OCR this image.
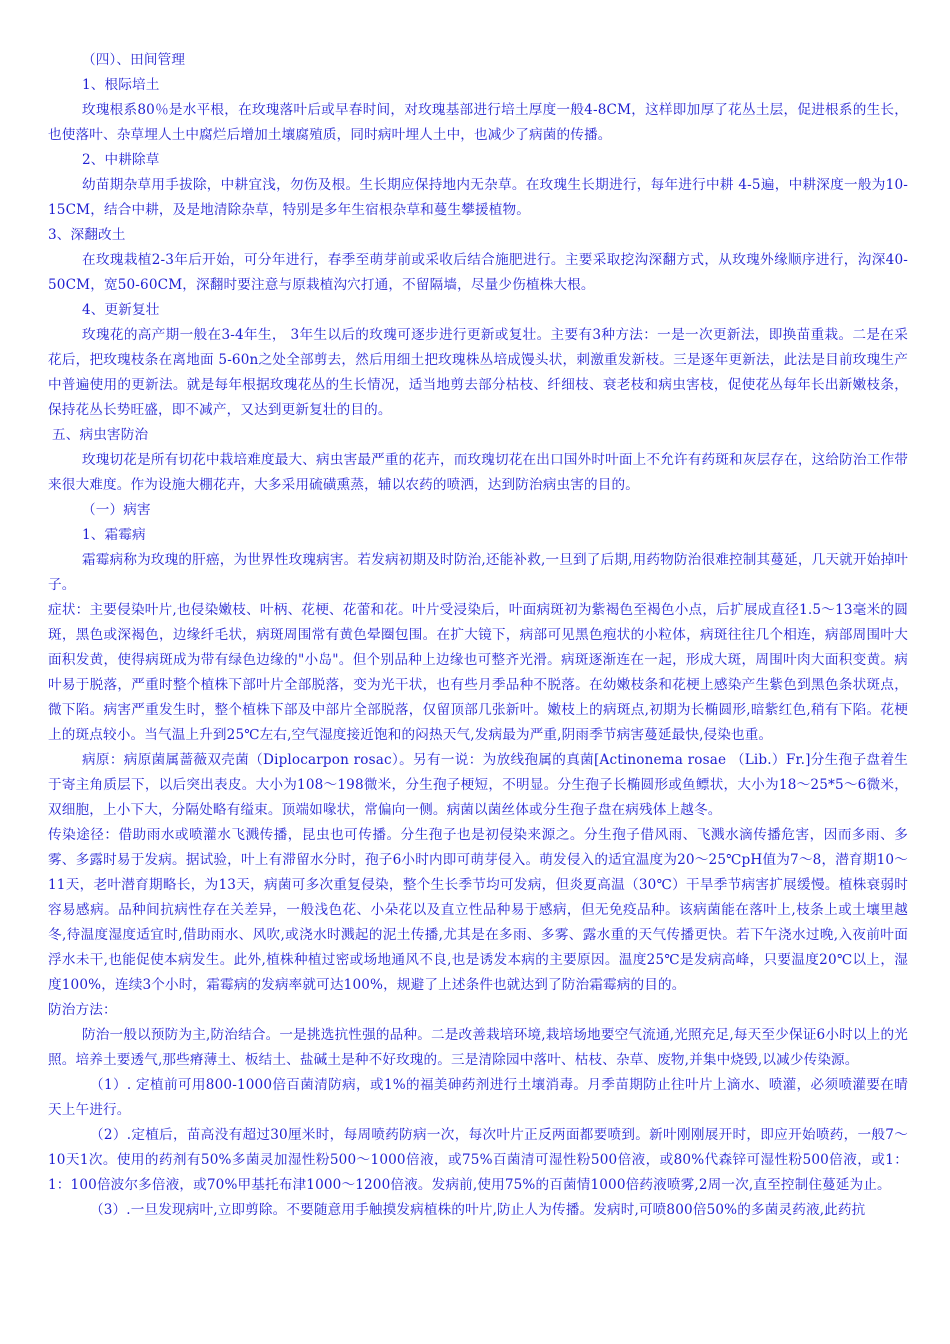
（四）、田间管理

1、根际培土

玫瑰根系80％是水平根，在玫瑰落叶后或早春时间，对玫瑰基部进行培土厚度一般4-8CM，这样即加厚了花丛土层，促进根系的生长，也使落叶、杂草埋人土中腐烂后增加土壤腐殖质，同时病叶埋人土中，也减少了病菌的传播。

2、中耕除草

幼苗期杂草用手拔除，中耕宜浅，勿伤及根。生长期应保持地内无杂草。在玫瑰生长期进行，每年进行中耕 4-5遍，中耕深度一般为10-15CM，结合中耕，及是地清除杂草，特别是多年生宿根杂草和蔓生攀援植物。

3、深翻改土

在玫瑰栽植2-3年后开始，可分年进行，春季至萌芽前或采收后结合施肥进行。主要采取挖沟深翻方式，从玫瑰外缘顺序进行，沟深40-50CM，宽50-60CM，深翻时要注意与原栽植沟穴打通，不留隔墙，尽量少伤植株大根。

4、更新复壮

玫瑰花的高产期一般在3-4年生， 3年生以后的玫瑰可逐步进行更新或复壮。主要有3种方法：一是一次更新法，即换苗重栽。二是在采花后，把玫瑰枝条在离地面 5-60n之处全部剪去，然后用细土把玫瑰株丛培成馒头状，刺激重发新枝。三是逐年更新法，此法是目前玫瑰生产中普遍使用的更新法。就是每年根据玫瑰花丛的生长情况，适当地剪去部分枯枝、纤细枝、衰老枝和病虫害枝，促使花丛每年长出新嫩枝条，保持花丛长势旺盛，即不减产，又达到更新复壮的目的。

五、病虫害防治

玫瑰切花是所有切花中栽培难度最大、病虫害最严重的花卉，而玫瑰切花在出口国外时叶面上不允许有药斑和灰层存在，这给防治工作带来很大难度。作为设施大棚花卉，大多采用硫磺熏蒸，辅以农药的喷洒，达到防治病虫害的目的。

（一）病害

1、霜霉病

霜霉病称为玫瑰的肝癌，为世界性玫瑰病害。若发病初期及时防治,还能补救,一旦到了后期,用药物防治很难控制其蔓延，几天就开始掉叶子。

症状：主要侵染叶片,也侵染嫩枝、叶柄、花梗、花蕾和花。叶片受浸染后，叶面病斑初为紫褐色至褐色小点，后扩展成直径1.5～13毫米的圆斑，黑色或深褐色，边缘纤毛状，病斑周围常有黄色晕圈包围。在扩大镜下，病部可见黑色疱状的小粒体，病斑往往几个相连，病部周围叶大面积发黄，使得病斑成为带有绿色边缘的"小岛"。但个别品种上边缘也可整齐光滑。病斑逐渐连在一起，形成大斑，周围叶肉大面积变黄。病叶易于脱落，严重时整个植株下部叶片全部脱落，变为光干状，也有些月季品种不脱落。在幼嫩枝条和花梗上感染产生紫色到黑色条状斑点，微下陷。病害严重发生时，整个植株下部及中部片全部脱落，仅留顶部几张新叶。嫩枝上的病斑点,初期为长椭圆形,暗紫红色,稍有下陷。花梗上的斑点较小。当气温上升到25℃左右,空气湿度接近饱和的闷热天气,发病最为严重,阴雨季节病害蔓延最快,侵染也重。

病原：病原菌属蔷薇双壳菌（Diplocarpon rosac）。另有一说：为放线孢属的真菌[Actinonema rosae （Lib.）Fr.]分生孢子盘着生于寄主角质层下，以后突出表皮。大小为108～198微米，分生孢子梗短，不明显。分生孢子长椭圆形或鱼鳔状，大小为18～25*5～6微米，双细胞，上小下大，分隔处略有缢束。顶端如喙状，常偏向一侧。病菌以菌丝体或分生孢子盘在病残体上越冬。

传染途径：借助雨水或喷灌水飞溅传播，昆虫也可传播。分生孢子也是初侵染来源之。分生孢子借风雨、飞溅水滴传播危害，因而多雨、多雾、多露时易于发病。据试验，叶上有滞留水分时，孢子6小时内即可萌芽侵入。萌发侵入的适宜温度为20～25℃pH值为7～8，潜育期10～11天，老叶潜育期略长，为13天，病菌可多次重复侵染，整个生长季节均可发病，但炎夏高温（30℃）干旱季节病害扩展缓慢。植株衰弱时容易感病。品种间抗病性存在关差异，一般浅色花、小朵花以及直立性品种易于感病，但无免疫品种。该病菌能在落叶上,枝条上或土壤里越冬,待温度湿度适宜时,借助雨水、风吹,或浇水时溅起的泥土传播,尤其是在多雨、多雾、露水重的天气传播更快。若下午浇水过晚,入夜前叶面浮水未干,也能促使本病发生。此外,植株种植过密或场地通风不良,也是诱发本病的主要原因。温度25℃是发病高峰，只要温度20℃以上，湿度100%，连续3个小时，霜霉病的发病率就可达100%，规避了上述条件也就达到了防治霜霉病的目的。

防治方法：

防治一般以预防为主,防治结合。一是挑选抗性强的品种。二是改善栽培环境,栽培场地要空气流通,光照充足,每天至少保证6小时以上的光照。培养土要透气,那些瘠薄土、板结土、盐碱土是种不好玫瑰的。三是清除园中落叶、枯枝、杂草、废物,并集中烧毁,以减少传染源。

（1）. 定植前可用800-1000倍百菌清防病，或1%的福美砷药剂进行土壤消毒。月季苗期防止往叶片上滴水、喷灌，必须喷灌要在晴天上午进行。

（2）.定植后，苗高没有超过30厘米时，每周喷药防病一次，每次叶片正反两面都要喷到。新叶刚刚展开时，即应开始喷药，一般7～10天1次。使用的药剂有50%多菌灵加湿性粉500～1000倍液，或75%百菌清可湿性粉500倍液，或80%代森锌可湿性粉500倍液，或1：1：100倍波尔多倍液，或70%甲基托布津1000～1200倍液。发病前,使用75%的百菌情1000倍药液喷雾,2周一次,直至控制住蔓延为止。

（3）.一旦发现病叶,立即剪除。不要随意用手触摸发病植株的叶片,防止人为传播。发病时,可喷800倍50%的多菌灵药液,此药抗
